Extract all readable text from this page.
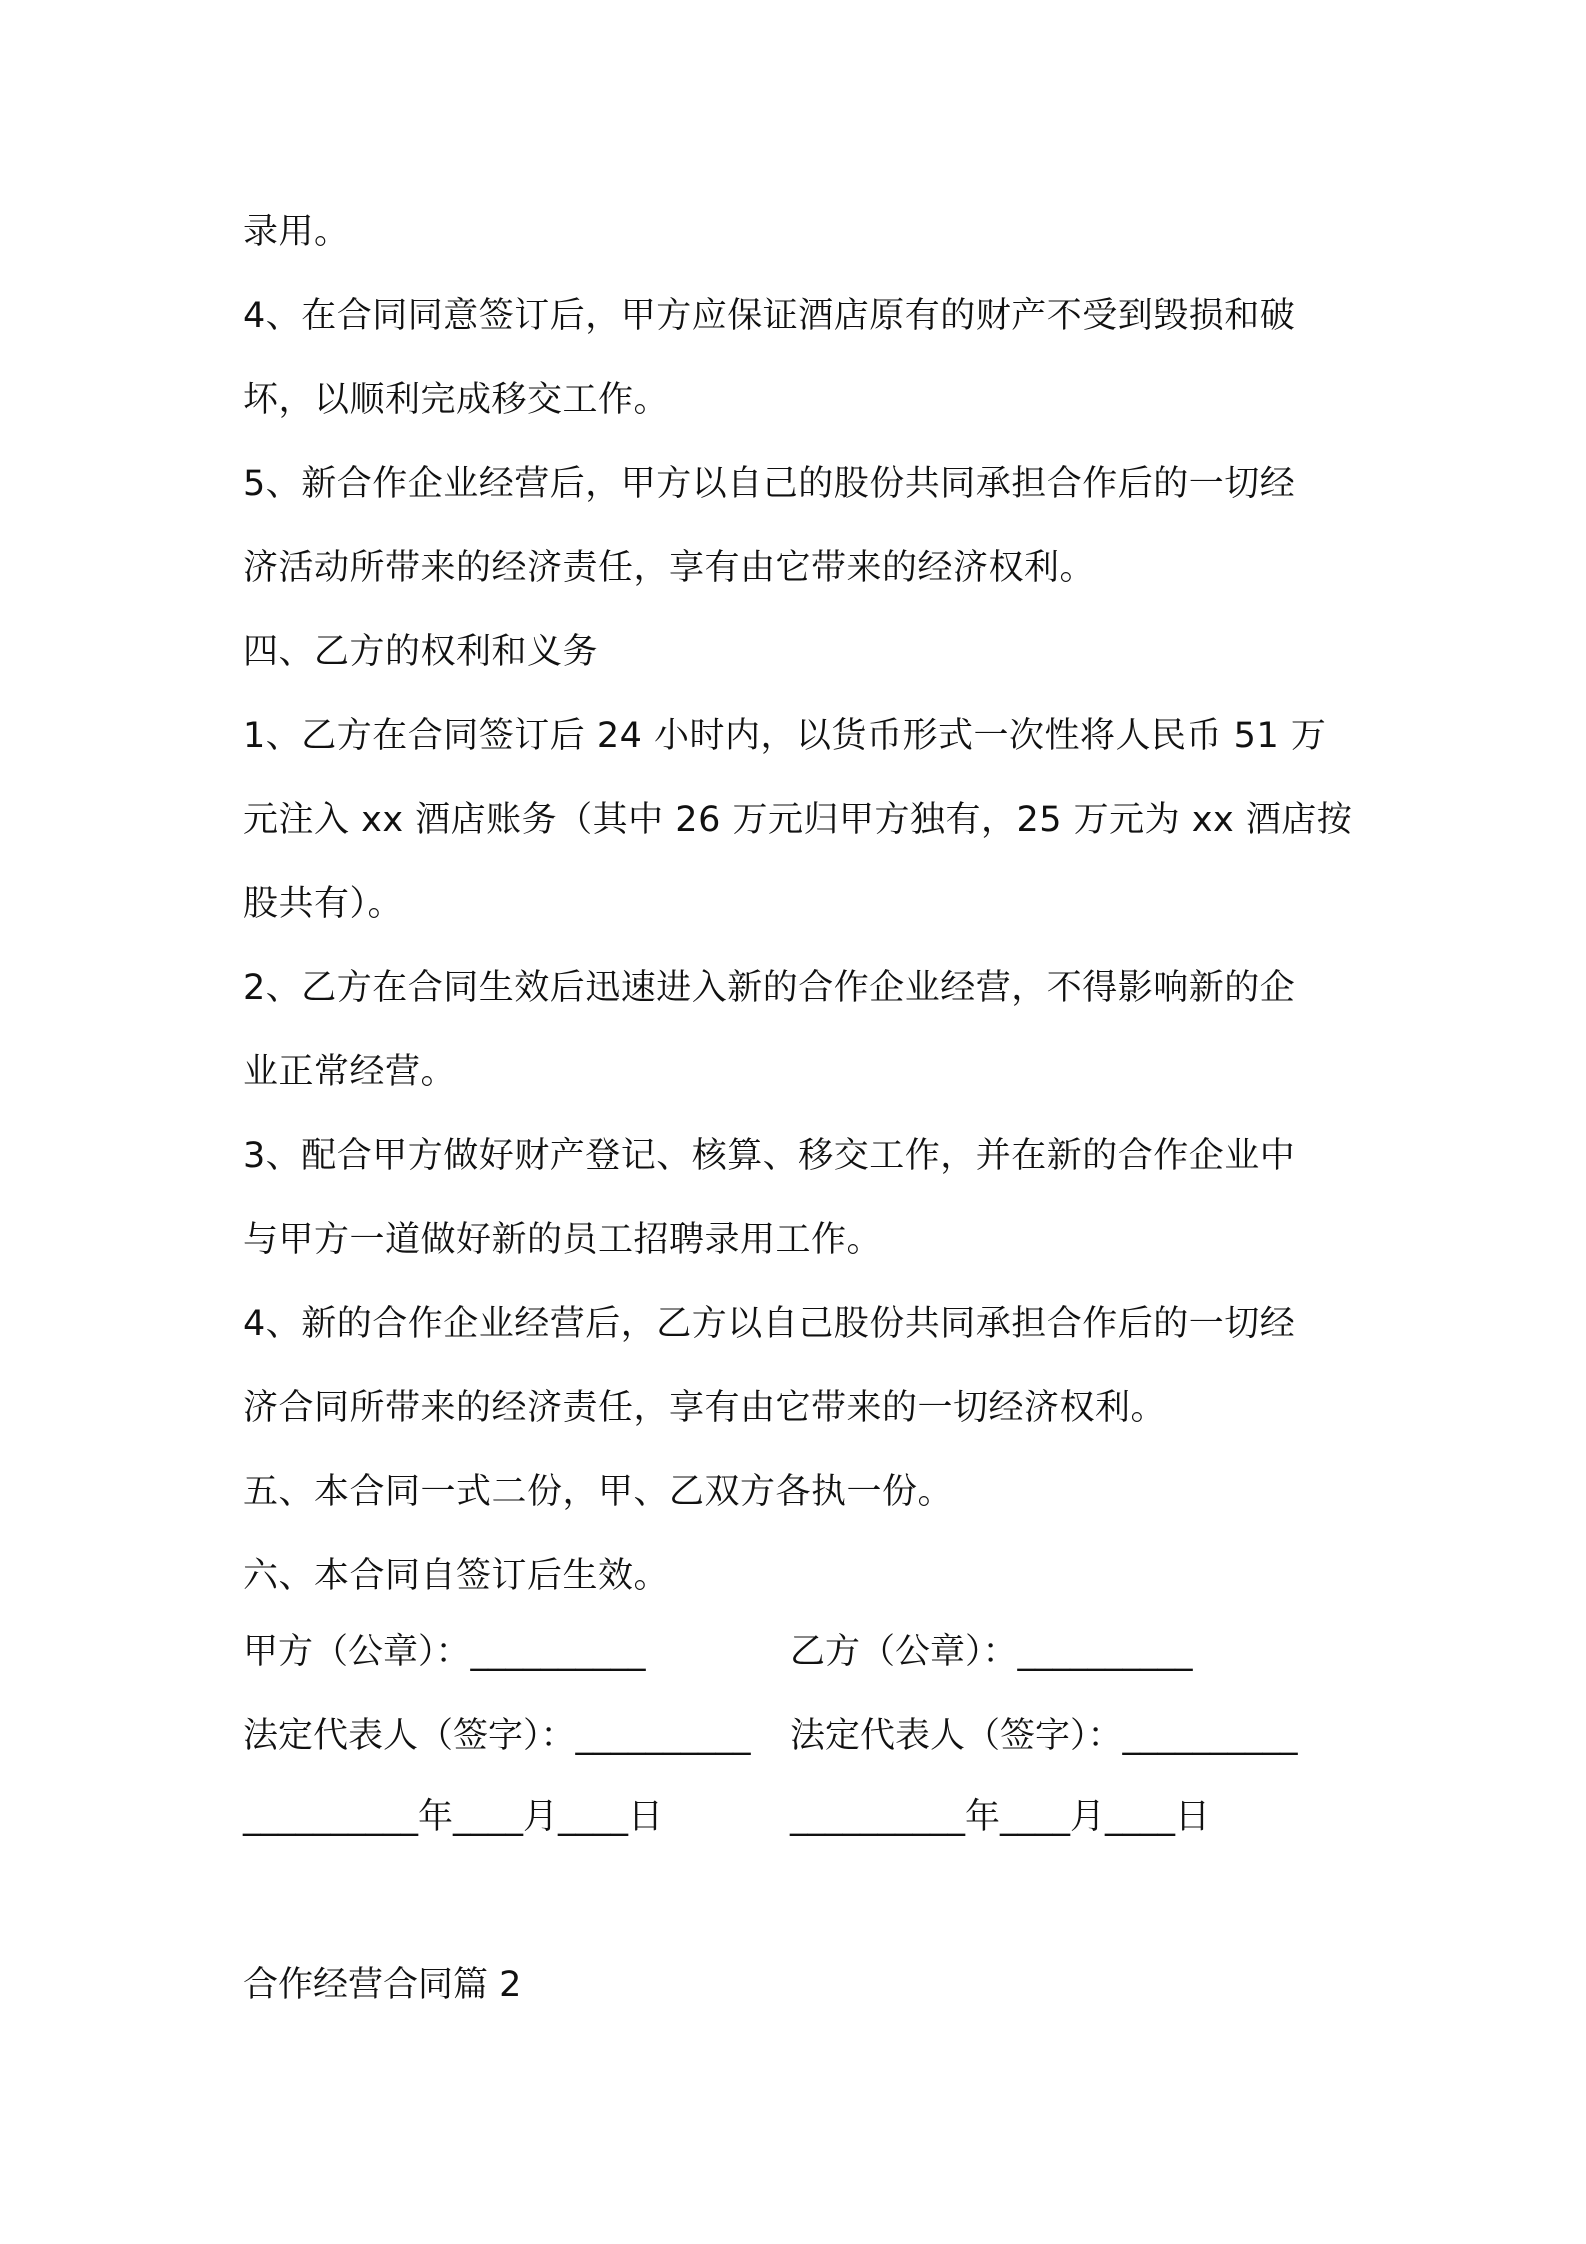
录用。

4、在合同同意签订后，甲方应保证酒店原有的财产不受到毁损和破

坏，以顺利完成移交工作。

5、新合作企业经营后，甲方以自己的股份共同承担合作后的一切经

济活动所带来的经济责任，享有由它带来的经济权利。

四、乙方的权利和义务

1、乙方在合同签订后 24 小时内，以货币形式一次性将人民币 51 万

元注入 xx 酒店账务（其中 26 万元归甲方独有，25 万元为 xx 酒店按

股共有）。

2、乙方在合同生效后迅速进入新的合作企业经营，不得影响新的企

业正常经营。

3、配合甲方做好财产登记、核算、移交工作，并在新的合作企业中

与甲方一道做好新的员工招聘录用工作。

4、新的合作企业经营后，乙方以自己股份共同承担合作后的一切经

济合同所带来的经济责任，享有由它带来的一切经济权利。

五、本合同一式二份，甲、乙双方各执一份。

六、本合同自签订后生效。

甲方（公章）：__________	乙方（公章）：__________
法定代表人（签字）：__________ 法定代表人（签字）：__________
__________年____月____日	__________年____月____日
合作经营合同篇 2
